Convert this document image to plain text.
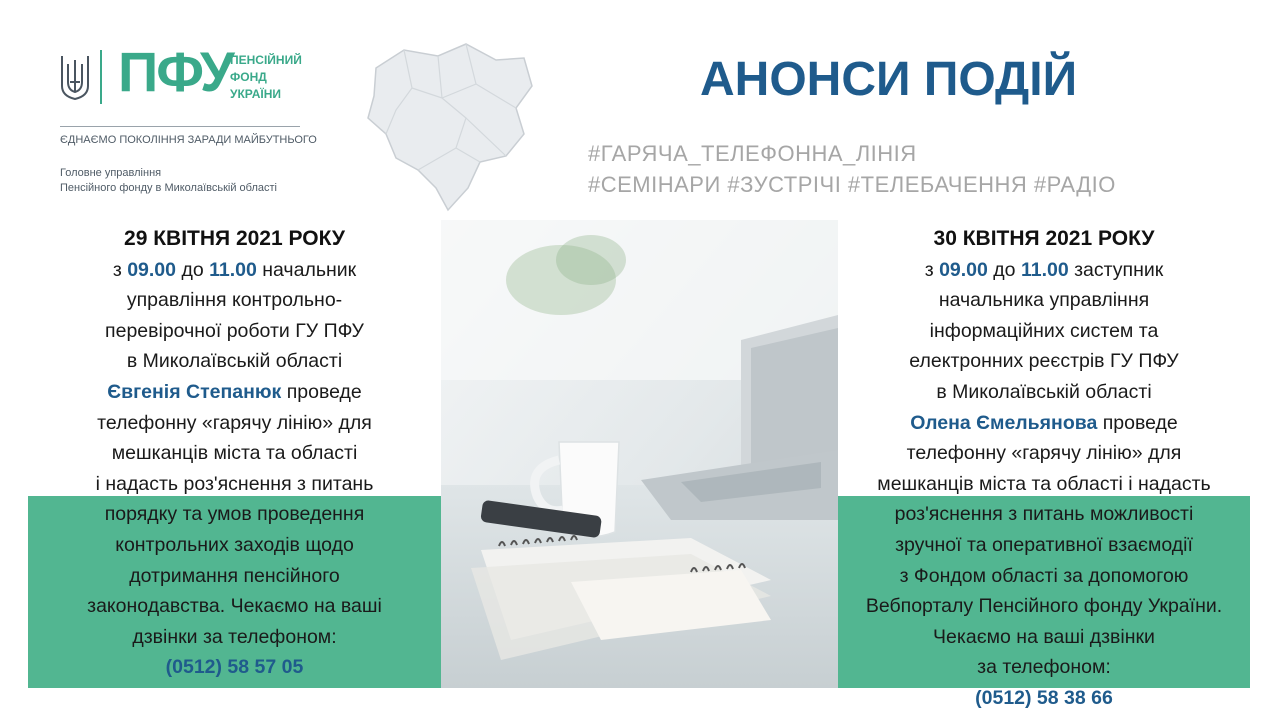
ПФУ
ПЕНСІЙНИЙ
ФОНД
УКРАЇНИ
ЄДНАЄМО ПОКОЛІННЯ ЗАРАДИ МАЙБУТНЬОГО
Головне управління
Пенсійного фонду в Миколаївській області
АНОНСИ ПОДІЙ
#ГАРЯЧА_ТЕЛЕФОННА_ЛІНІЯ
#СЕМІНАРИ #ЗУСТРІЧІ #ТЕЛЕБАЧЕННЯ #РАДІО
29 КВІТНЯ 2021 РОКУ
з 09.00 до 11.00 начальник
управління контрольно-
перевірочної роботи ГУ ПФУ
в Миколаївській області
Євгенія Степанюк проведе
телефонну «гарячу лінію» для
мешканців міста та області
і надасть роз'яснення з питань
порядку та умов проведення
контрольних заходів щодо
дотримання пенсійного
законодавства. Чекаємо на ваші
дзвінки за телефоном:
(0512) 58 57 05
30 КВІТНЯ 2021 РОКУ
з 09.00 до 11.00 заступник
начальника управління
інформаційних систем та
електронних реєстрів ГУ ПФУ
в Миколаївській області
Олена Ємельянова проведе
телефонну «гарячу лінію» для
мешканців міста та області і надасть
роз'яснення з питань можливості
зручної та оперативної взаємодії
з Фондом області за допомогою
Вебпорталу Пенсійного фонду України.
Чекаємо на ваші дзвінки
за телефоном:
(0512) 58 38 66
